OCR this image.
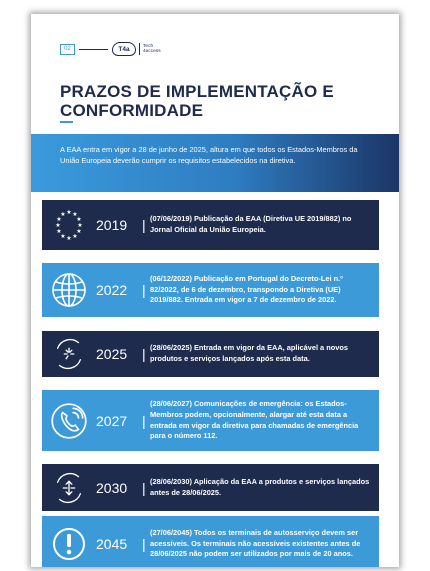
02	T4a	Tech
4access
PRAZOS DE IMPLEMENTAÇÃO E CONFORMIDADE

A EAA entra em vigor a 28 de junho de 2025, altura em que todos os Estados-Membros da União Europeia deverão cumprir os requisitos estabelecidos na diretiva.

★ ★
★
★
★
★
★
★
★
★
★
★
2019	| (07/06/2019) Publicação da EAA (Diretiva UE 2019/882) no Jornal Oficial da União Europeia.
2022	|
(06/12/2022) Publicação em Portugal do Decreto-Lei n.º 82/2022, de 6 de dezembro, transpondo a Diretiva (UE) 2019/882. Entrada em vigor a 7 de dezembro de 2022.
2025	| (28/06/2025) Entrada em vigor da EAA, aplicável a novos produtos e serviços lançados após esta data.
2027	|
(28/06/2027) Comunicações de emergência: os Estados-Membros podem, opcionalmente, alargar até esta data a entrada em vigor da diretiva para chamadas de emergência para o número 112.
2030	| (28/06/2030) Aplicação da EAA a produtos e serviços lançados antes de 28/06/2025.
2045	|
(27/06/2045) Todos os terminais de autosserviço devem ser acessíveis. Os terminais não acessíveis existentes antes de 28/06/2025 não podem ser utilizados por mais de 20 anos.
